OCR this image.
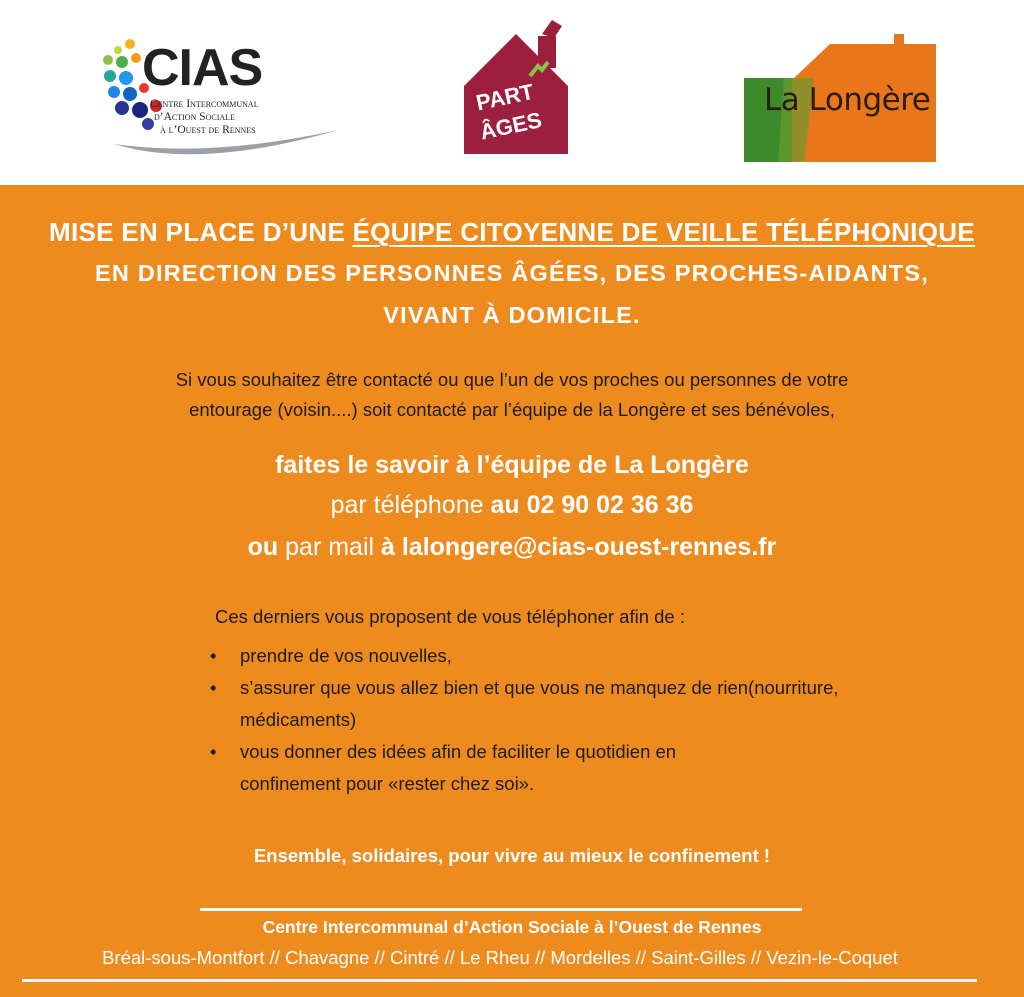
CIAS
Centre Intercommunal
d’Action Sociale
à l’Ouest de Rennes
PART
ÂGES
La Longère
MISE EN PLACE D’UNE ÉQUIPE CITOYENNE DE VEILLE TÉLÉPHONIQUE
EN DIRECTION DES PERSONNES ÂGÉES, DES PROCHES-AIDANTS,
VIVANT À DOMICILE.
Si vous souhaitez être contacté ou que l’un de vos proches ou personnes de votre
entourage (voisin....) soit contacté par l’équipe de la Longère et ses bénévoles,
faites le savoir à l’équipe de La Longère
par téléphone au 02 90 02 36 36
ou par mail à lalongere@cias-ouest-rennes.fr
Ces derniers vous proposent de vous téléphoner afin de :
• prendre de vos nouvelles,
• s’assurer que vous allez bien et que vous ne manquez de rien(nourriture,
médicaments)
• vous donner des idées afin de faciliter le quotidien en
confinement pour «rester chez soi».
Ensemble, solidaires, pour vivre au mieux le confinement !
Centre Intercommunal d’Action Sociale à l’Ouest de Rennes
Bréal-sous-Montfort // Chavagne // Cintré // Le Rheu // Mordelles // Saint-Gilles // Vezin-le-Coquet
